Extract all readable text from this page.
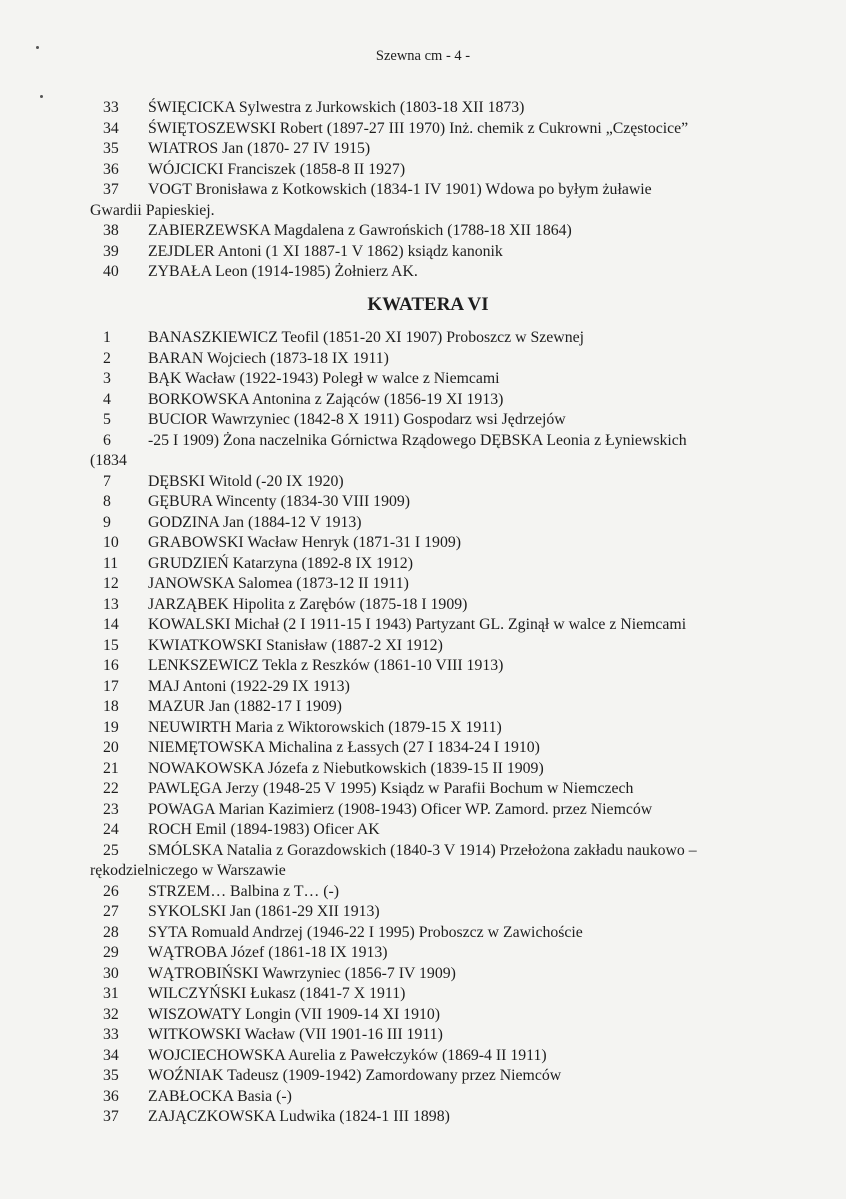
Szewna cm - 4 -
33 ŚWIĘCICKA Sylwestra z Jurkowskich (1803-18 XII 1873)
34 ŚWIĘTOSZEWSKI Robert (1897-27 III 1970) Inż. chemik z Cukrowni „Częstocice”
35 WIATROS Jan (1870- 27 IV 1915)
36 WÓJCICKI Franciszek (1858-8 II 1927)
37 VOGT Bronisława z Kotkowskich (1834-1 IV 1901) Wdowa po byłym żuławie
Gwardii Papieskiej.
38 ZABIERZEWSKA Magdalena z Gawrońskich (1788-18 XII 1864)
39 ZEJDLER Antoni (1 XI 1887-1 V 1862) ksiądz kanonik
40 ZYBAŁA Leon (1914-1985) Żołnierz AK.
KWATERA VI
1 BANASZKIEWICZ Teofil (1851-20 XI 1907) Proboszcz w Szewnej
2 BARAN Wojciech (1873-18 IX 1911)
3 BĄK Wacław (1922-1943) Poległ w walce z Niemcami
4 BORKOWSKA Antonina z Zająców (1856-19 XI 1913)
5 BUCIOR Wawrzyniec (1842-8 X 1911) Gospodarz wsi Jędrzejów
6 -25 I 1909) Żona naczelnika Górnictwa Rządowego DĘBSKA Leonia z Łyniewskich
(1834
7 DĘBSKI Witold (-20 IX 1920)
8 GĘBURA Wincenty (1834-30 VIII 1909)
9 GODZINA Jan (1884-12 V 1913)
10 GRABOWSKI Wacław Henryk (1871-31 I 1909)
11 GRUDZIEŃ Katarzyna (1892-8 IX 1912)
12 JANOWSKA Salomea (1873-12 II 1911)
13 JARZĄBEK Hipolita z Zarębów (1875-18 I 1909)
14 KOWALSKI Michał (2 I 1911-15 I 1943) Partyzant GL. Zginął w walce z Niemcami
15 KWIATKOWSKI Stanisław (1887-2 XI 1912)
16 LENKSZEWICZ Tekla z Reszków (1861-10 VIII 1913)
17 MAJ Antoni (1922-29 IX 1913)
18 MAZUR Jan (1882-17 I 1909)
19 NEUWIRTH Maria z Wiktorowskich (1879-15 X 1911)
20 NIEMĘTOWSKA Michalina z Łassych (27 I 1834-24 I 1910)
21 NOWAKOWSKA Józefa z Niebutkowskich (1839-15 II 1909)
22 PAWLĘGA Jerzy (1948-25 V 1995) Ksiądz w Parafii Bochum w Niemczech
23 POWAGA Marian Kazimierz (1908-1943) Oficer WP. Zamord. przez Niemców
24 ROCH Emil (1894-1983) Oficer AK
25 SMÓLSKA Natalia z Gorazdowskich (1840-3 V 1914) Przełożona zakładu naukowo –
rękodzielniczego w Warszawie
26 STRZEM… Balbina z T… (-)
27 SYKOLSKI Jan (1861-29 XII 1913)
28 SYTA Romuald Andrzej (1946-22 I 1995) Proboszcz w Zawichoście
29 WĄTROBA Józef (1861-18 IX 1913)
30 WĄTROBIŃSKI Wawrzyniec (1856-7 IV 1909)
31 WILCZYŃSKI Łukasz (1841-7 X 1911)
32 WISZOWATY Longin (VII 1909-14 XI 1910)
33 WITKOWSKI Wacław (VII 1901-16 III 1911)
34 WOJCIECHOWSKA Aurelia z Pawełczyków (1869-4 II 1911)
35 WOŹNIAK Tadeusz (1909-1942) Zamordowany przez Niemców
36 ZABŁOCKA Basia (-)
37 ZAJĄCZKOWSKA Ludwika (1824-1 III 1898)
